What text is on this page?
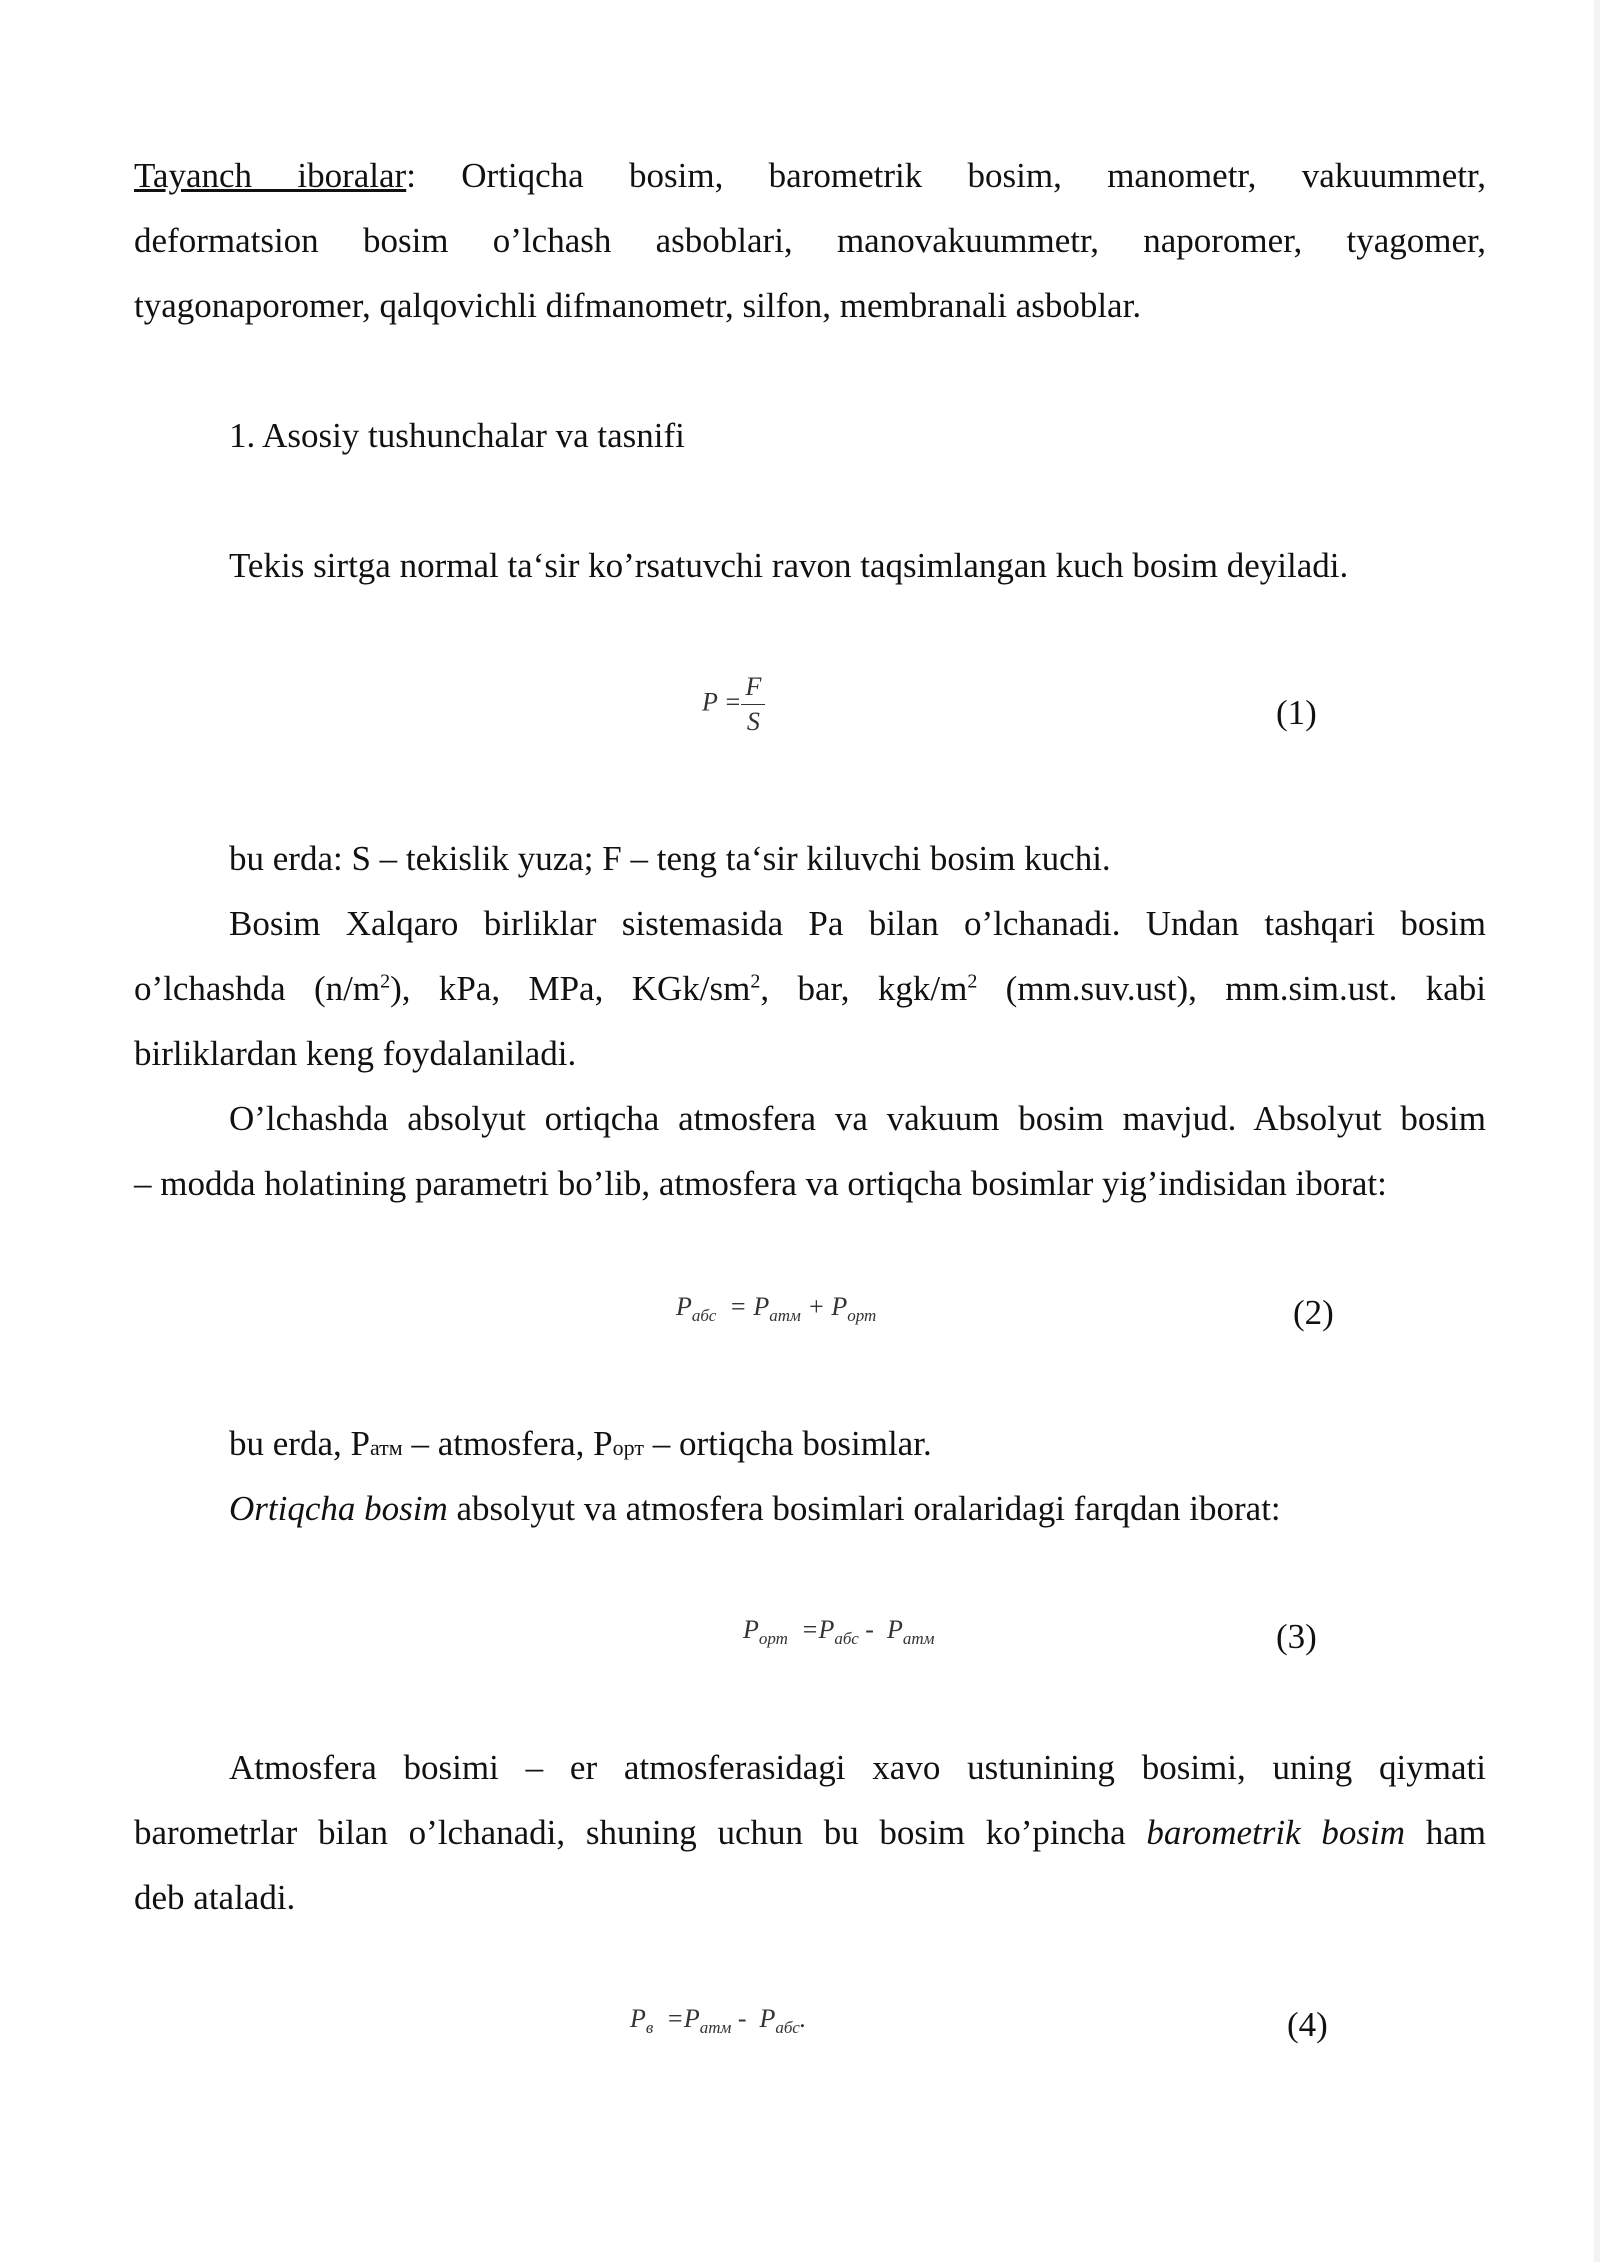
Tayanch iboralar: Ortiqcha bosim, barometrik bosim, manometr, vakuummetr,

deformatsion bosim o’lchash asboblari, manovakuummetr, naporomer, tyagomer,

tyagonaporomer, qalqovichli difmanometr, silfon, membranali asboblar.

1. Asosiy tushunchalar va tasnifi

Tekis sirtga normal ta‘sir ko’rsatuvchi ravon taqsimlangan kuch bosim deyiladi.

$P = \frac{F}{S}$	(1)

bu erda: S – tekislik yuza; F – teng ta‘sir kiluvchi bosim kuchi.

Bosim Xalqaro birliklar sistemasida Pa bilan o’lchanadi. Undan tashqari bosim

o’lchashda $(n/m^2)$, kPa, MPa, KGk/$sm^2$, bar, kgk/$m^2$ (mm.suv.ust), mm.sim.ust. kabi

birliklardan keng foydalaniladi.

O’lchashda absolyut ortiqcha atmosfera va vakuum bosim mavjud. Absolyut bosim

– modda holatining parametri bo’lib, atmosfera va ortiqcha bosimlar yig’indisidan iborat:

$P_{абс} = P_{атм} + P_{орт}$	(2)

bu erda, Pатм – atmosfera, Pорт – ortiqcha bosimlar.

Ortiqcha bosim absolyut va atmosfera bosimlari oralaridagi farqdan iborat:

$P_{орт} =P_{абс} - P_{атм}$	(3)

Atmosfera bosimi – er atmosferasidagi xavo ustunining bosimi, uning qiymati

barometrlar bilan o’lchanadi, shuning uchun bu bosim ko’pincha barometrik bosim ham

deb ataladi.

$P_в =P_{атм} - P_{абс}$.	(4)
